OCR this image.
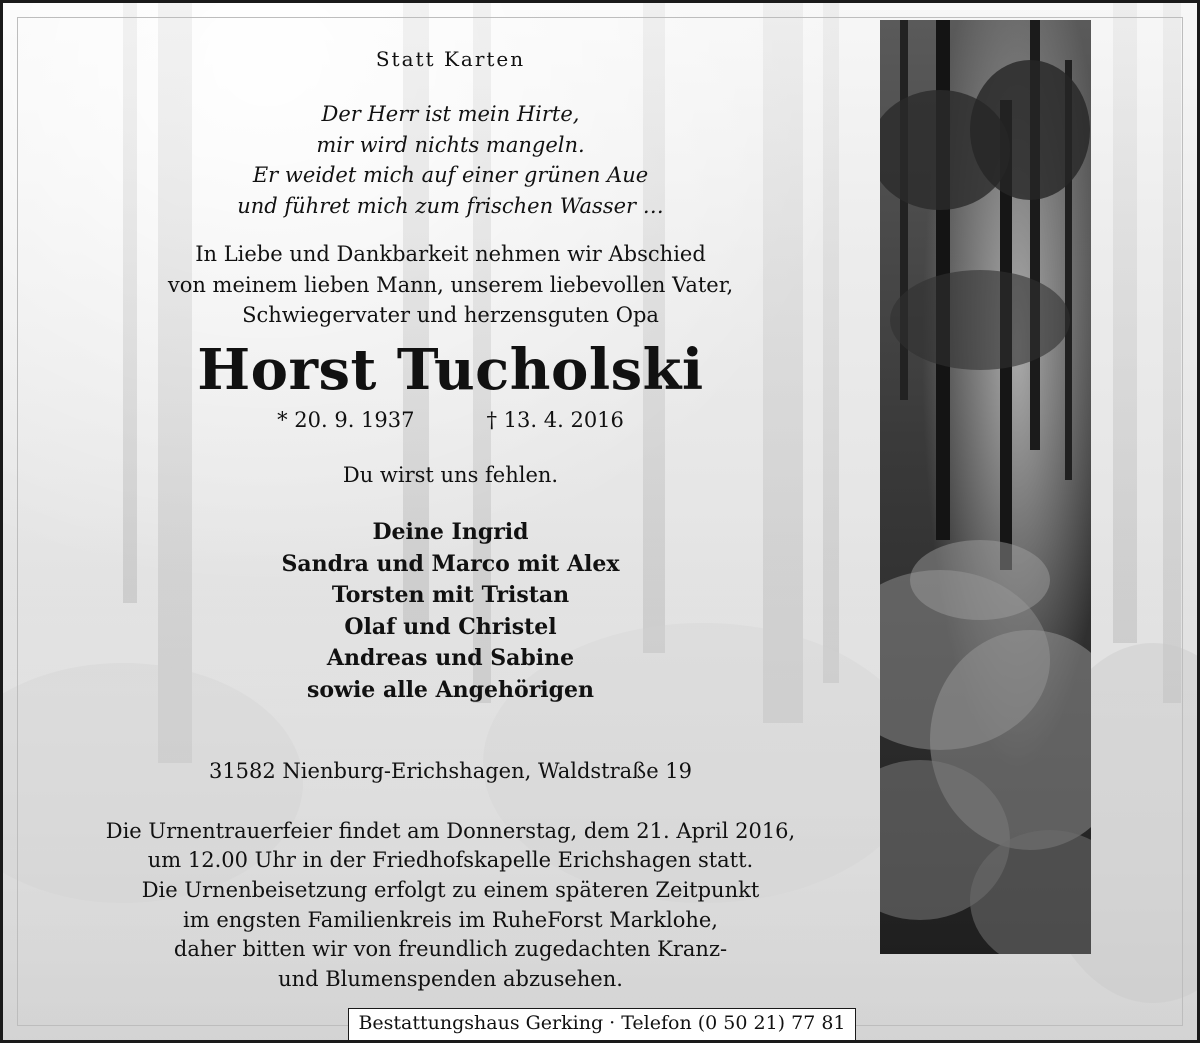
Statt Karten
Der Herr ist mein Hirte,
mir wird nichts mangeln.
Er weidet mich auf einer grünen Aue
und führet mich zum frischen Wasser …
In Liebe und Dankbarkeit nehmen wir Abschied
von meinem lieben Mann, unserem liebevollen Vater,
Schwiegervater und herzensguten Opa
Horst Tucholski
* 20. 9. 1937	† 13. 4. 2016
Du wirst uns fehlen.
Deine Ingrid
Sandra und Marco mit Alex
Torsten mit Tristan
Olaf und Christel
Andreas und Sabine
sowie alle Angehörigen
31582 Nienburg-Erichshagen, Waldstraße 19
Die Urnentrauerfeier findet am Donnerstag, dem 21. April 2016,
um 12.00 Uhr in der Friedhofskapelle Erichshagen statt.
Die Urnenbeisetzung erfolgt zu einem späteren Zeitpunkt
im engsten Familienkreis im RuheForst Marklohe,
daher bitten wir von freundlich zugedachten Kranz-
und Blumenspenden abzusehen.
Bestattungshaus Gerking · Telefon (0 50 21) 77 81
